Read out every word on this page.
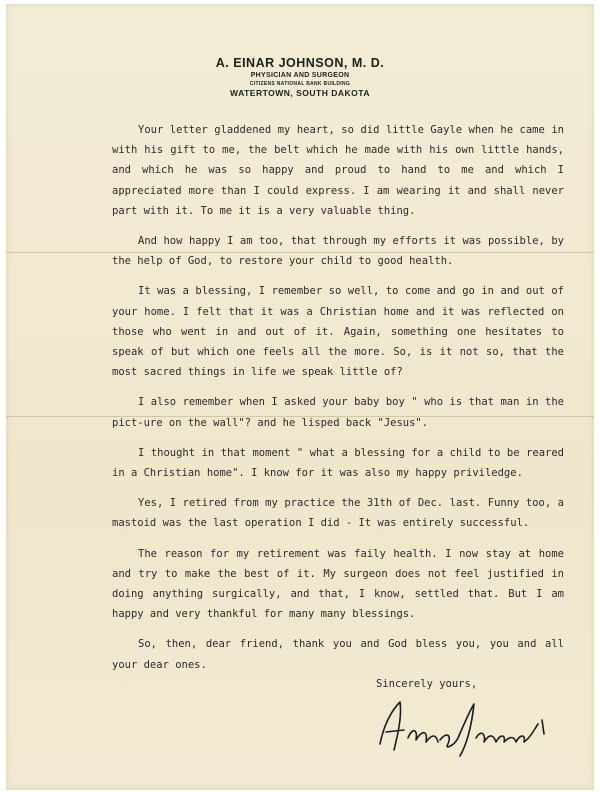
A. EINAR JOHNSON, M. D.
PHYSICIAN AND SURGEON
CITIZENS NATIONAL BANK BUILDING
WATERTOWN, SOUTH DAKOTA

Your letter gladdened my heart, so did little Gayle when he came in with his gift to me, the belt which he made with his own little hands, and which he was so happy and proud to hand to me and which I appreciated more than I could express. I am wearing it and shall never part with it. To me it is a very valuable thing.

And how happy I am too, that through my efforts it was possible, by the help of God, to restore your child to good health.

It was a blessing, I remember so well, to come and go in and out of your home. I felt that it was a Christian home and it was reflected on those who went in and out of it. Again, something one hesitates to speak of but which one feels all the more. So, is it not so, that the most sacred things in life we speak little of?

I also remember when I asked your baby boy " who is that man in the pict-ure on the wall"? and he lisped back "Jesus".

I thought in that moment " what a blessing for a child to be reared in a Christian home". I know for it was also my happy priviledge.

Yes, I retired from my practice the 31th of Dec. last. Funny too, a mastoid was the last operation I did - It was entirely successful.

The reason for my retirement was faily health. I now stay at home and try to make the best of it. My surgeon does not feel justified in doing anything surgically, and that, I know, settled that. But I am happy and very thankful for many many blessings.

So, then, dear friend, thank you and God bless you, you and all your dear ones.

Sincerely yours,
